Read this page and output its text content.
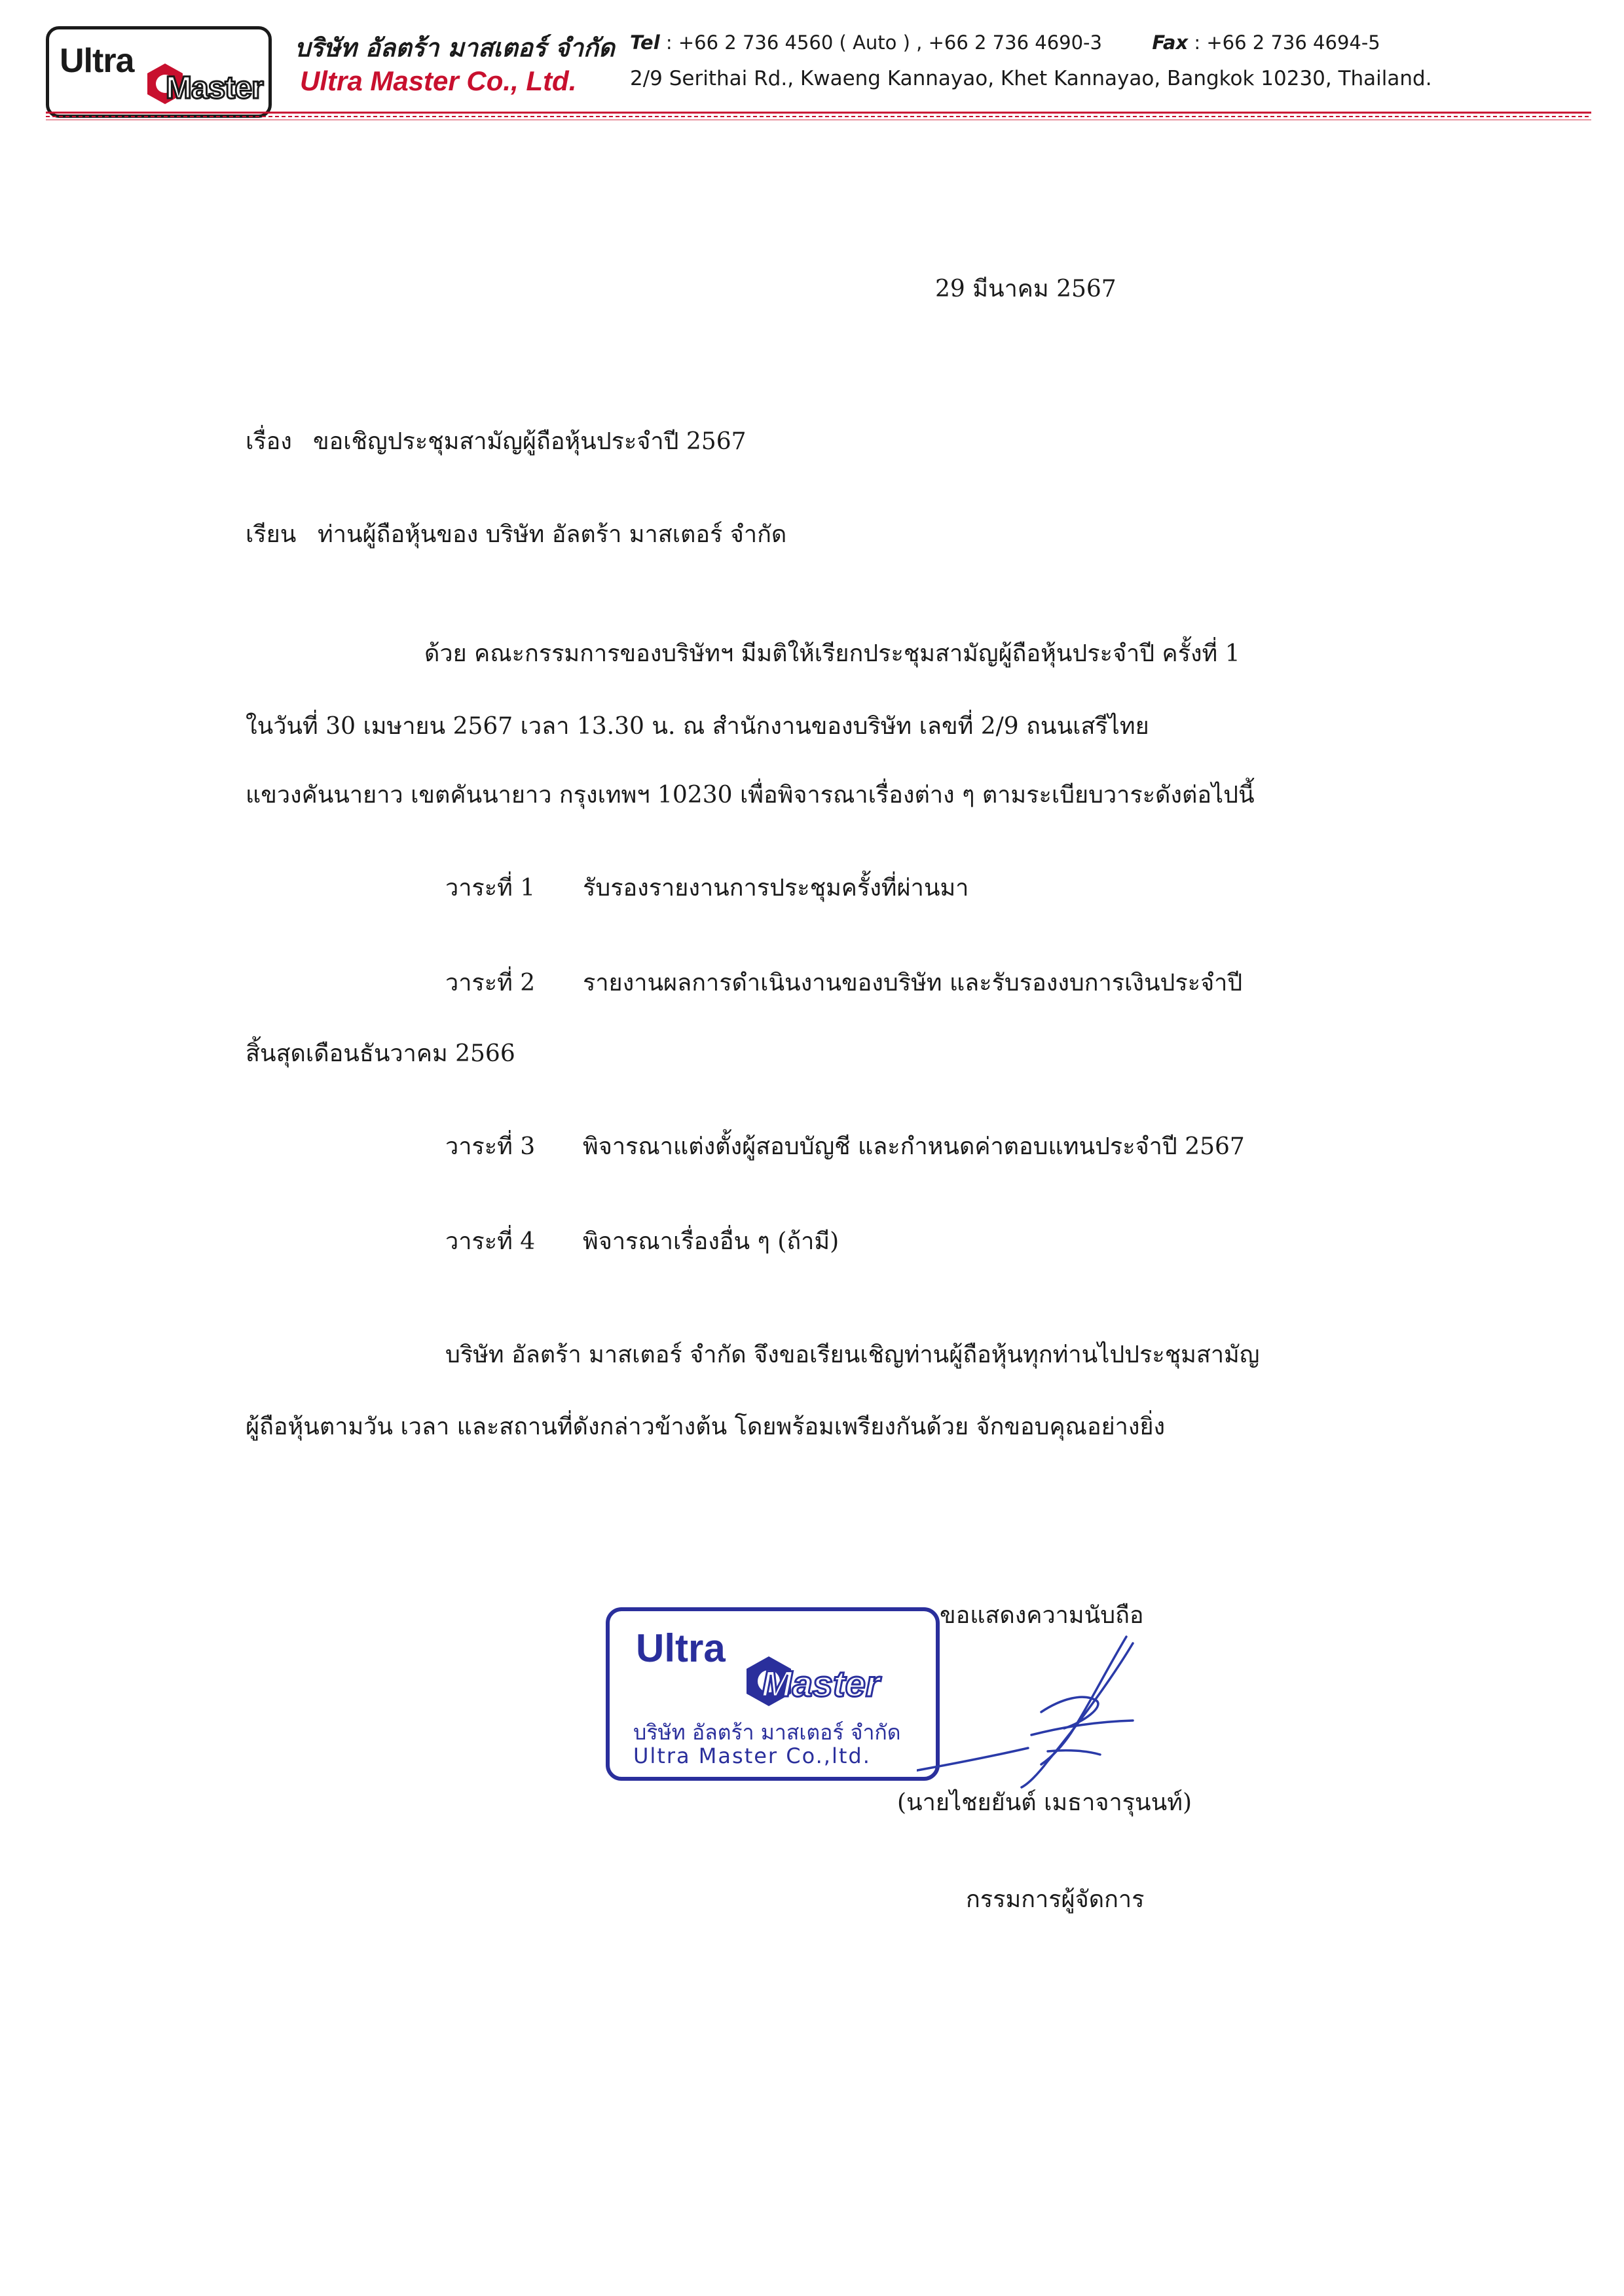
Ultra
Master
บริษัท อัลตร้า มาสเตอร์ จำกัด
Ultra Master Co., Ltd.
Tel : +66 2 736 4560 ( Auto ) , +66 2 736 4690-3	Fax : +66 2 736 4694-5
2/9 Serithai Rd., Kwaeng Kannayao, Khet Kannayao, Bangkok 10230, Thailand.
29 มีนาคม 2567
เรื่อง ขอเชิญประชุมสามัญผู้ถือหุ้นประจำปี 2567
เรียน ท่านผู้ถือหุ้นของ บริษัท อัลตร้า มาสเตอร์ จำกัด
ด้วย คณะกรรมการของบริษัทฯ มีมติให้เรียกประชุมสามัญผู้ถือหุ้นประจำปี ครั้งที่ 1
ในวันที่ 30 เมษายน 2567 เวลา 13.30 น. ณ สำนักงานของบริษัท เลขที่ 2/9 ถนนเสรีไทย
แขวงคันนายาว เขตคันนายาว กรุงเทพฯ 10230 เพื่อพิจารณาเรื่องต่าง ๆ ตามระเบียบวาระดังต่อไปนี้
วาระที่ 1 รับรองรายงานการประชุมครั้งที่ผ่านมา
วาระที่ 2 รายงานผลการดำเนินงานของบริษัท และรับรองงบการเงินประจำปี
สิ้นสุดเดือนธันวาคม 2566
วาระที่ 3 พิจารณาแต่งตั้งผู้สอบบัญชี และกำหนดค่าตอบแทนประจำปี 2567
วาระที่ 4 พิจารณาเรื่องอื่น ๆ (ถ้ามี)
บริษัท อัลตร้า มาสเตอร์ จำกัด จึงขอเรียนเชิญท่านผู้ถือหุ้นทุกท่านไปประชุมสามัญ
ผู้ถือหุ้นตามวัน เวลา และสถานที่ดังกล่าวข้างต้น โดยพร้อมเพรียงกันด้วย จักขอบคุณอย่างยิ่ง
ขอแสดงความนับถือ
Ultra
Master
บริษัท อัลตร้า มาสเตอร์ จำกัด
Ultra Master Co.,ltd.
(นายไชยยันต์ เมธาจารุนนท์)
กรรมการผู้จัดการ
